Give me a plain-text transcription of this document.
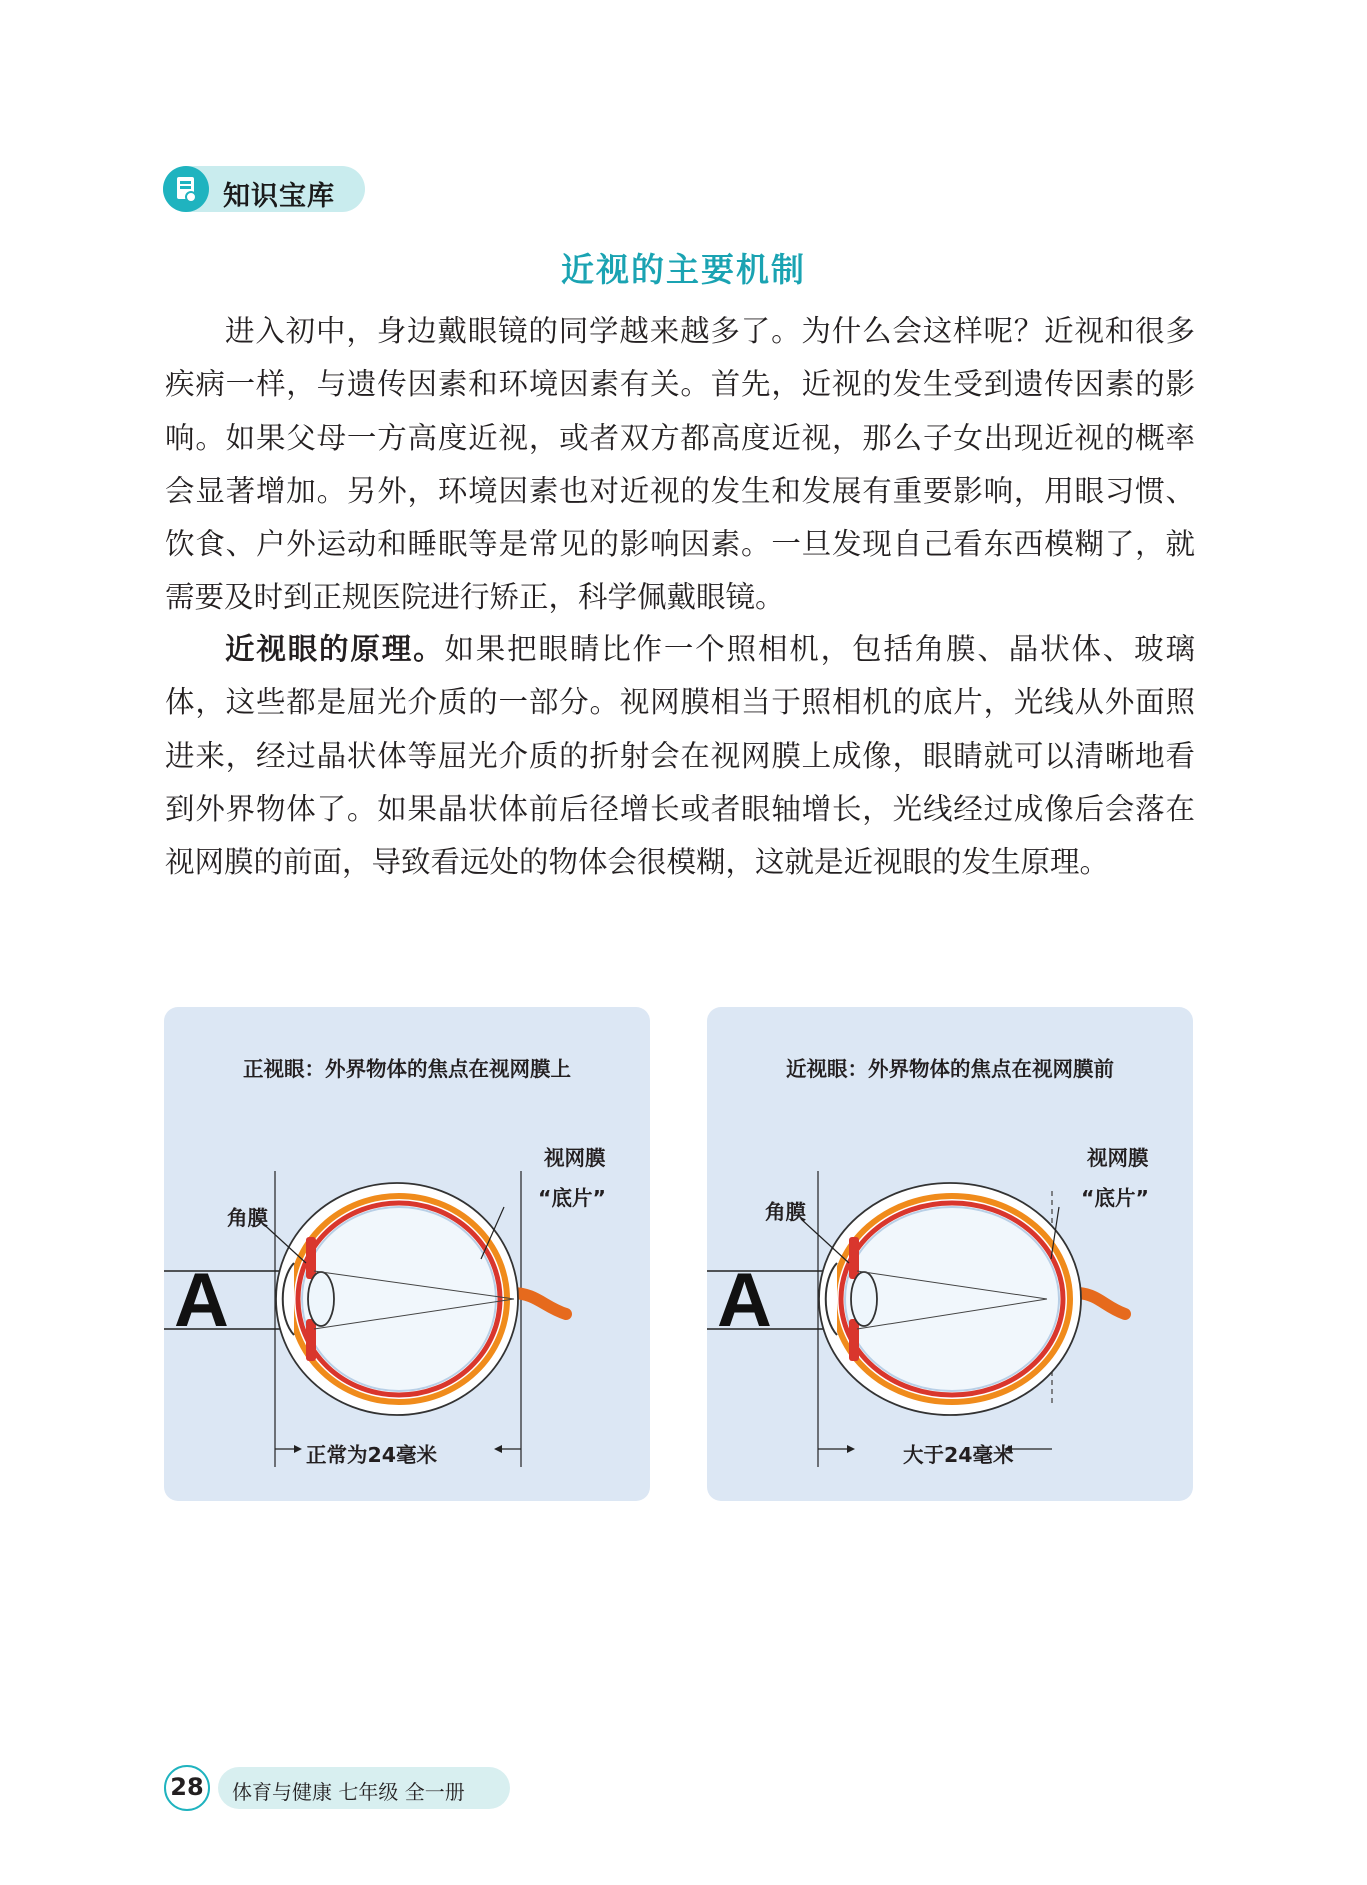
知识宝库
近视的主要机制
进入初中，身边戴眼镜的同学越来越多了。为什么会这样呢？近视和很多疾病一样，与遗传因素和环境因素有关。首先，近视的发生受到遗传因素的影响。如果父母一方高度近视，或者双方都高度近视，那么子女出现近视的概率会显著增加。另外，环境因素也对近视的发生和发展有重要影响，用眼习惯、饮食、户外运动和睡眠等是常见的影响因素。一旦发现自己看东西模糊了，就需要及时到正规医院进行矫正，科学佩戴眼镜。
近视眼的原理。如果把眼睛比作一个照相机，包括角膜、晶状体、玻璃体，这些都是屈光介质的一部分。视网膜相当于照相机的底片，光线从外面照进来，经过晶状体等屈光介质的折射会在视网膜上成像，眼睛就可以清晰地看到外界物体了。如果晶状体前后径增长或者眼轴增长，光线经过成像后会落在视网膜的前面，导致看远处的物体会很模糊，这就是近视眼的发生原理。
正视眼：外界物体的焦点在视网膜上
A
角膜
视网膜
“底片”
正常为24毫米
近视眼：外界物体的焦点在视网膜前
A
角膜
视网膜
“底片”
大于24毫米
28	体育与健康 七年级 全一册
